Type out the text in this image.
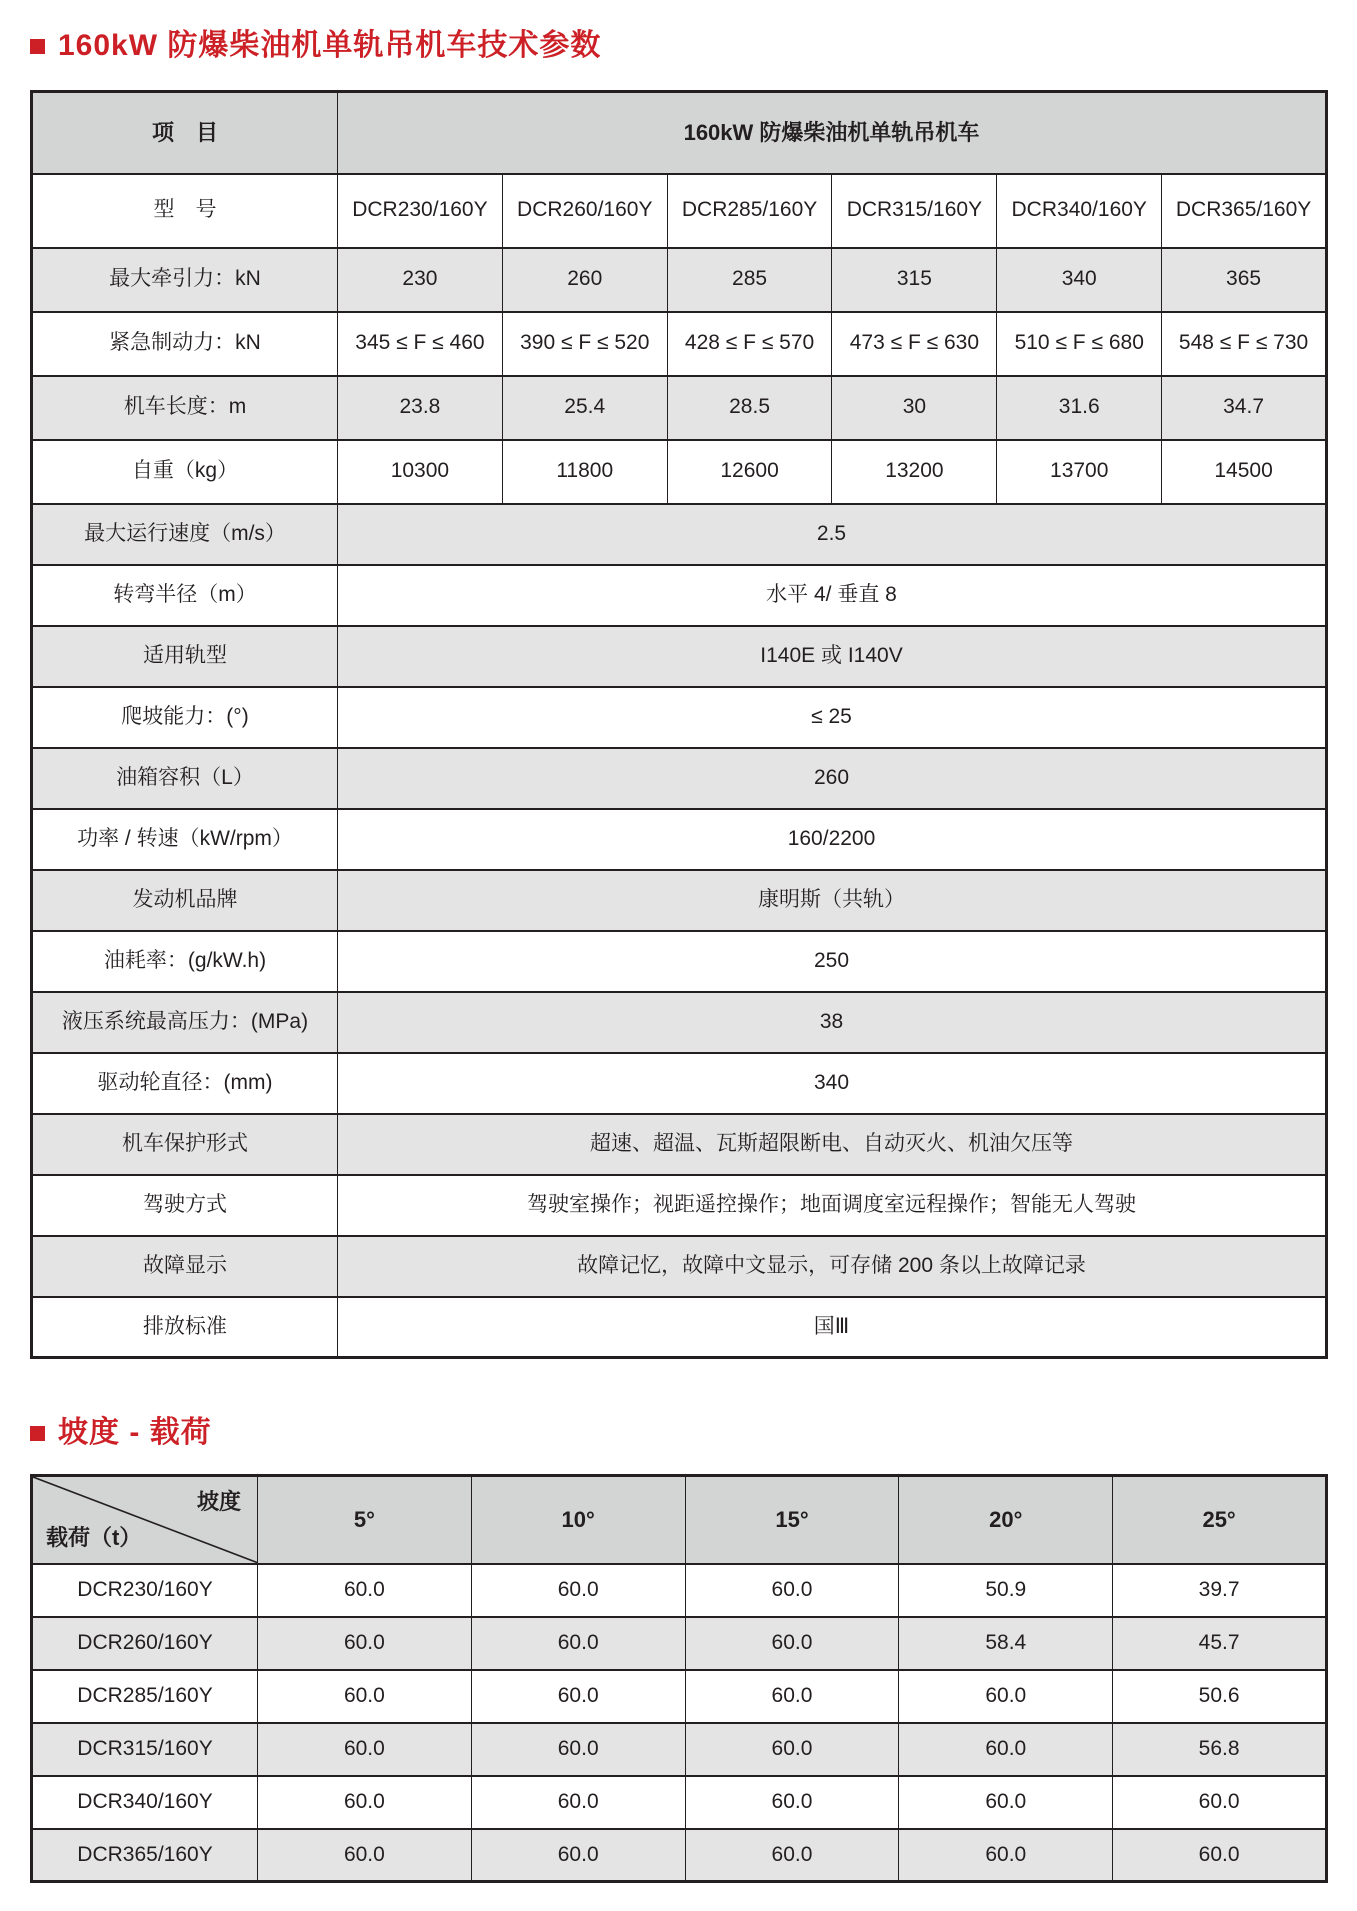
160kW 防爆柴油机单轨吊机车技术参数
项　目	160kW 防爆柴油机单轨吊机车					
型　号	DCR230/160Y	DCR260/160Y	DCR285/160Y	DCR315/160Y	DCR340/160Y	DCR365/160Y
最大牵引力：kN	230	260	285	315	340	365
紧急制动力：kN	345 ≤ F ≤ 460	390 ≤ F ≤ 520	428 ≤ F ≤ 570	473 ≤ F ≤ 630	510 ≤ F ≤ 680	548 ≤ F ≤ 730
机车长度：m	23.8	25.4	28.5	30	31.6	34.7
自重（kg）	10300	11800	12600	13200	13700	14500
最大运行速度（m/s）	2.5					
转弯半径（m）	水平 4/ 垂直 8					
适用轨型	I140E 或 I140V					
爬坡能力：(°)	≤ 25					
油箱容积（L）	260					
功率 / 转速（kW/rpm）	160/2200					
发动机品牌	康明斯（共轨）					
油耗率：(g/kW.h)	250					
液压系统最高压力：(MPa)	38					
驱动轮直径：(mm)	340					
机车保护形式	超速、超温、瓦斯超限断电、自动灭火、机油欠压等					
驾驶方式	驾驶室操作；视距遥控操作；地面调度室远程操作；智能无人驾驶					
故障显示	故障记忆，故障中文显示，可存储 200 条以上故障记录					
排放标准	国Ⅲ					
坡度 - 载荷
坡度
载荷（t）	5°	10°	15°	20°	25°
DCR230/160Y	60.0	60.0	60.0	50.9	39.7
DCR260/160Y	60.0	60.0	60.0	58.4	45.7
DCR285/160Y	60.0	60.0	60.0	60.0	50.6
DCR315/160Y	60.0	60.0	60.0	60.0	56.8
DCR340/160Y	60.0	60.0	60.0	60.0	60.0
DCR365/160Y	60.0	60.0	60.0	60.0	60.0
